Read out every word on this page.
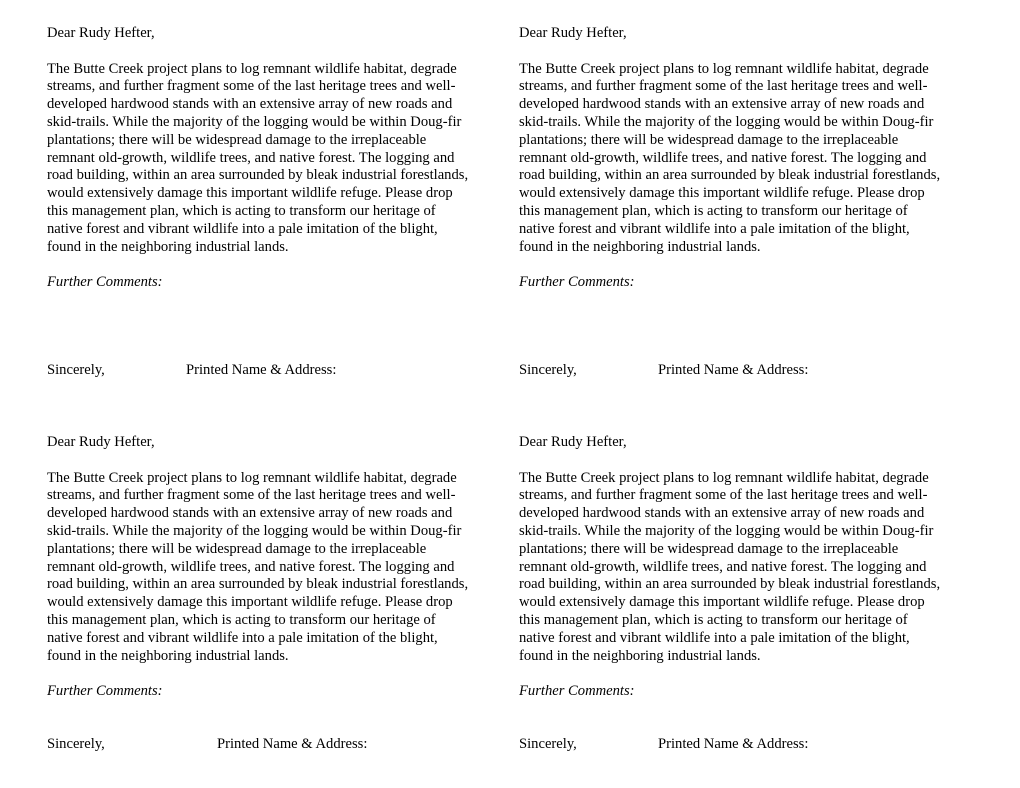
Dear Rudy Hefter,

The Butte Creek project plans to log remnant wildlife habitat, degrade
streams, and further fragment some of the last heritage trees and well-
developed hardwood stands with an extensive array of new roads and
skid-trails. While the majority of the logging would be within Doug-fir
plantations; there will be widespread damage to the irreplaceable
remnant old-growth, wildlife trees, and native forest. The logging and
road building, within an area surrounded by bleak industrial forestlands,
would extensively damage this important wildlife refuge. Please drop
this management plan, which is acting to transform our heritage of
native forest and vibrant wildlife into a pale imitation of the blight,
found in the neighboring industrial lands.

Further Comments:

Sincerely,	Printed Name & Address:

Dear Rudy Hefter,

The Butte Creek project plans to log remnant wildlife habitat, degrade
streams, and further fragment some of the last heritage trees and well-
developed hardwood stands with an extensive array of new roads and
skid-trails. While the majority of the logging would be within Doug-fir
plantations; there will be widespread damage to the irreplaceable
remnant old-growth, wildlife trees, and native forest. The logging and
road building, within an area surrounded by bleak industrial forestlands,
would extensively damage this important wildlife refuge. Please drop
this management plan, which is acting to transform our heritage of
native forest and vibrant wildlife into a pale imitation of the blight,
found in the neighboring industrial lands.

Further Comments:

Sincerely,	Printed Name & Address:

Dear Rudy Hefter,

The Butte Creek project plans to log remnant wildlife habitat, degrade
streams, and further fragment some of the last heritage trees and well-
developed hardwood stands with an extensive array of new roads and
skid-trails. While the majority of the logging would be within Doug-fir
plantations; there will be widespread damage to the irreplaceable
remnant old-growth, wildlife trees, and native forest. The logging and
road building, within an area surrounded by bleak industrial forestlands,
would extensively damage this important wildlife refuge. Please drop
this management plan, which is acting to transform our heritage of
native forest and vibrant wildlife into a pale imitation of the blight,
found in the neighboring industrial lands.

Further Comments:

Sincerely,	Printed Name & Address:

Dear Rudy Hefter,

The Butte Creek project plans to log remnant wildlife habitat, degrade
streams, and further fragment some of the last heritage trees and well-
developed hardwood stands with an extensive array of new roads and
skid-trails. While the majority of the logging would be within Doug-fir
plantations; there will be widespread damage to the irreplaceable
remnant old-growth, wildlife trees, and native forest. The logging and
road building, within an area surrounded by bleak industrial forestlands,
would extensively damage this important wildlife refuge. Please drop
this management plan, which is acting to transform our heritage of
native forest and vibrant wildlife into a pale imitation of the blight,
found in the neighboring industrial lands.

Further Comments:

Sincerely,	Printed Name & Address:
